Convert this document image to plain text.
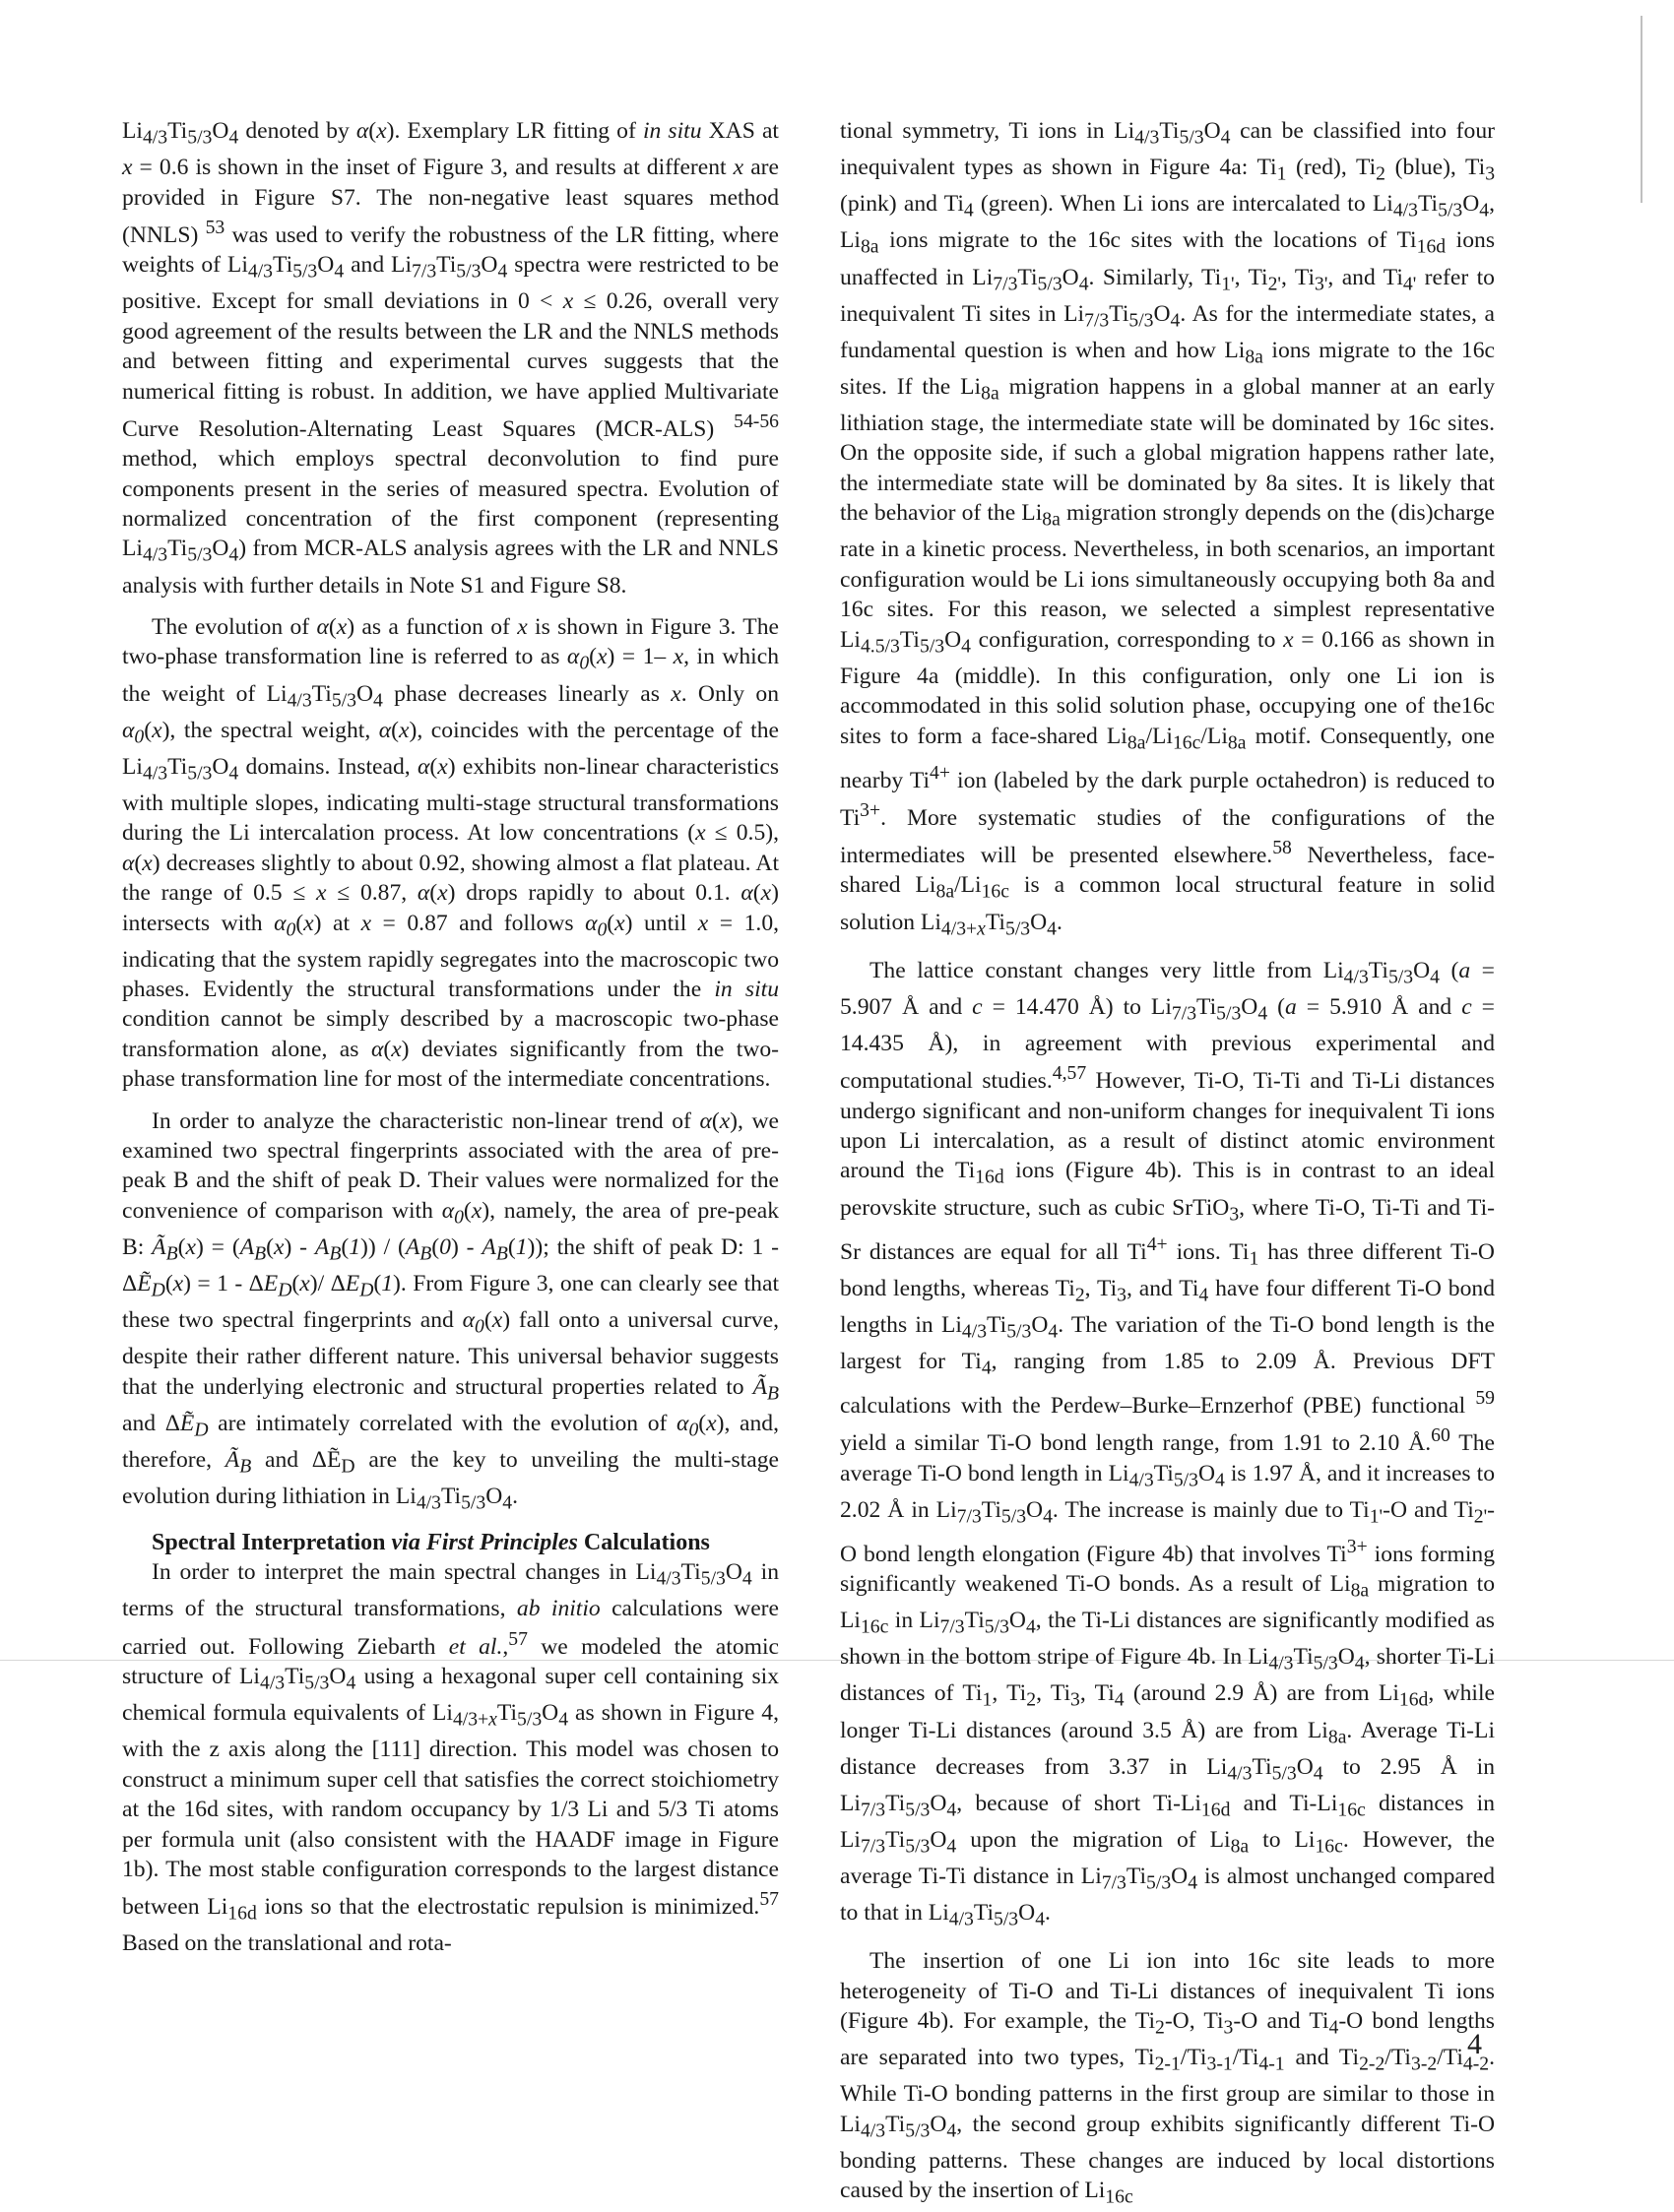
$Li_{4/3}Ti_{5/3}O_4$ denoted by α(x). Exemplary LR fitting of in situ XAS at x = 0.6 is shown in the inset of Figure 3, and results at different x are provided in Figure S7. The non-negative least squares method (NNLS) $^{53}$ was used to verify the robustness of the LR fitting, where weights of $Li_{4/3}Ti_{5/3}O_4$ and $Li_{7/3}Ti_{5/3}O_4$ spectra were restricted to be positive. Except for small deviations in 0 < x ≤ 0.26, overall very good agreement of the results between the LR and the NNLS methods and between fitting and experimental curves suggests that the numerical fitting is robust. In addition, we have applied Multivariate Curve Resolution-Alternating Least Squares (MCR-ALS) $^{54-56}$ method, which employs spectral deconvolution to find pure components present in the series of measured spectra. Evolution of normalized concentration of the first component (representing $Li_{4/3}Ti_{5/3}O_4$) from MCR-ALS analysis agrees with the LR and NNLS analysis with further details in Note S1 and Figure S8.

The evolution of α(x) as a function of x is shown in Figure 3. The two-phase transformation line is referred to as $\alpha_0(x) = 1-$ x, in which the weight of $Li_{4/3}Ti_{5/3}O_4$ phase decreases linearly as x. Only on $\alpha_0(x)$, the spectral weight, α(x), coincides with the percentage of the $Li_{4/3}Ti_{5/3}O_4$ domains. Instead, α(x) exhibits non-linear characteristics with multiple slopes, indicating multi-stage structural transformations during the Li intercalation process. At low concentrations (x ≤ 0.5), α(x) decreases slightly to about 0.92, showing almost a flat plateau. At the range of 0.5 ≤ x ≤ 0.87, α(x) drops rapidly to about 0.1. α(x) intersects with $\alpha_0(x)$ at x = 0.87 and follows $\alpha_0(x)$ until x = 1.0, indicating that the system rapidly segregates into the macroscopic two phases. Evidently the structural transformations under the in situ condition cannot be simply described by a macroscopic two-phase transformation alone, as α(x) deviates significantly from the two-phase transformation line for most of the intermediate concentrations.

In order to analyze the characteristic non-linear trend of α(x), we examined two spectral fingerprints associated with the area of pre-peak B and the shift of peak D. Their values were normalized for the convenience of comparison with $\alpha_0(x)$, namely, the area of pre-peak B: $Ã_B(x) = (A_B(x) - A_B(1)) / (A_B(0) - A_B(1))$; the shift of peak D: 1 - ΔẼ$_D$(x) = $1 - \Delta E_D(x)/$ $\Delta E_D(1)$. From Figure 3, one can clearly see that these two spectral fingerprints and $\alpha_0(x)$ fall onto a universal curve, despite their rather different nature. This universal behavior suggests that the underlying electronic and structural properties related to $Ã_B$ and ΔẼ$_D$ are intimately correlated with the evolution of $\alpha_0(x)$, and, therefore, $Ã_B$ and ΔẼ$_D$ are the key to unveiling the multi-stage evolution during lithiation in $Li_{4/3}Ti_{5/3}O_4$.

Spectral Interpretation via First Principles Calculations

In order to interpret the main spectral changes in $Li_{4/3}Ti_{5/3}O_4$ in terms of the structural transformations, ab initio calculations were carried out. Following Ziebarth et al.,$^{57}$ we modeled the atomic structure of $Li_{4/3}Ti_{5/3}O_4$ using a hexagonal super cell containing six chemical formula equivalents of $Li_{4/3+x}Ti_{5/3}O_4$ as shown in Figure 4, with the z axis along the [111] direction. This model was chosen to construct a minimum super cell that satisfies the correct stoichiometry at the 16d sites, with random occupancy by 1/3 Li and 5/3 Ti atoms per formula unit (also consistent with the HAADF image in Figure 1b). The most stable configuration corresponds to the largest distance between $Li_{16d}$ ions so that the electrostatic repulsion is minimized.$^{57}$ Based on the translational and rota-

tional symmetry, Ti ions in $Li_{4/3}Ti_{5/3}O_4$ can be classified into four inequivalent types as shown in Figure 4a: $Ti_1$ (red), $Ti_2$ (blue), $Ti_3$ (pink) and $Ti_4$ (green). When Li ions are intercalated to $Li_{4/3}Ti_{5/3}O_4$, $Li_{8a}$ ions migrate to the 16c sites with the locations of $Ti_{16d}$ ions unaffected in $Li_{7/3}Ti_{5/3}O_4$. Similarly, $Ti_{1'}$, $Ti_{2'}$, $Ti_{3'}$, and $Ti_{4'}$ refer to inequivalent Ti sites in $Li_{7/3}Ti_{5/3}O_4$. As for the intermediate states, a fundamental question is when and how $Li_{8a}$ ions migrate to the 16c sites. If the $Li_{8a}$ migration happens in a global manner at an early lithiation stage, the intermediate state will be dominated by 16c sites. On the opposite side, if such a global migration happens rather late, the intermediate state will be dominated by 8a sites. It is likely that the behavior of the $Li_{8a}$ migration strongly depends on the (dis)charge rate in a kinetic process. Nevertheless, in both scenarios, an important configuration would be Li ions simultaneously occupying both 8a and 16c sites. For this reason, we selected a simplest representative $Li_{4.5/3}Ti_{5/3}O_4$ configuration, corresponding to x = 0.166 as shown in Figure 4a (middle). In this configuration, only one Li ion is accommodated in this solid solution phase, occupying one of the16c sites to form a face-shared $Li_{8a}/Li_{16c}/Li_{8a}$ motif. Consequently, one nearby $Ti^{4+}$ ion (labeled by the dark purple octahedron) is reduced to $Ti^{3+}$. More systematic studies of the configurations of the intermediates will be presented elsewhere.$^{58}$ Nevertheless, face-shared $Li_{8a}/Li_{16c}$ is a common local structural feature in solid solution $Li_{4/3+x}Ti_{5/3}O_4$.

The lattice constant changes very little from $Li_{4/3}Ti_{5/3}O_4$ (a = 5.907 Å and c = 14.470 Å) to $Li_{7/3}Ti_{5/3}O_4$ (a = 5.910 Å and c = 14.435 Å), in agreement with previous experimental and computational studies.$^{4,57}$ However, Ti-O, Ti-Ti and Ti-Li distances undergo significant and non-uniform changes for inequivalent Ti ions upon Li intercalation, as a result of distinct atomic environment around the $Ti_{16d}$ ions (Figure 4b). This is in contrast to an ideal perovskite structure, such as cubic SrTiO$_3$, where Ti-O, Ti-Ti and Ti-Sr distances are equal for all $Ti^{4+}$ ions. $Ti_1$ has three different Ti-O bond lengths, whereas $Ti_2$, $Ti_3$, and $Ti_4$ have four different Ti-O bond lengths in $Li_{4/3}Ti_{5/3}O_4$. The variation of the Ti-O bond length is the largest for $Ti_4$, ranging from 1.85 to 2.09 Å. Previous DFT calculations with the Perdew–Burke–Ernzerhof (PBE) functional $^{59}$ yield a similar Ti-O bond length range, from 1.91 to 2.10 Å.$^{60}$ The average Ti-O bond length in $Li_{4/3}Ti_{5/3}O_4$ is 1.97 Å, and it increases to 2.02 Å in $Li_{7/3}Ti_{5/3}O_4$. The increase is mainly due to $Ti_{1'}-O$ and $Ti_{2'}-O$ bond length elongation (Figure 4b) that involves $Ti^{3+}$ ions forming significantly weakened Ti-O bonds. As a result of $Li_{8a}$ migration to $Li_{16c}$ in $Li_{7/3}Ti_{5/3}O_4$, the Ti-Li distances are significantly modified as shown in the bottom stripe of Figure 4b. In $Li_{4/3}Ti_{5/3}O_4$, shorter Ti-Li distances of $Ti_1$, $Ti_2$, $Ti_3$, $Ti_4$ (around 2.9 Å) are from $Li_{16d}$, while longer Ti-Li distances (around 3.5 Å) are from $Li_{8a}$. Average Ti-Li distance decreases from 3.37 in $Li_{4/3}Ti_{5/3}O_4$ to 2.95 Å in $Li_{7/3}Ti_{5/3}O_4$, because of short $Ti-Li_{16d}$ and $Ti-Li_{16c}$ distances in $Li_{7/3}Ti_{5/3}O_4$ upon the migration of $Li_{8a}$ to $Li_{16c}$. However, the average Ti-Ti distance in $Li_{7/3}Ti_{5/3}O_4$ is almost unchanged compared to that in $Li_{4/3}Ti_{5/3}O_4$.

The insertion of one Li ion into 16c site leads to more heterogeneity of Ti-O and Ti-Li distances of inequivalent Ti ions (Figure 4b). For example, the $Ti_2-O$, $Ti_3-O$ and $Ti_4-O$ bond lengths are separated into two types, $Ti_{2-1}/Ti_{3-1}/Ti_{4-1}$ and $Ti_{2-2}/Ti_{3-2}/Ti_{4-2}$. While Ti-O bonding patterns in the first group are similar to those in $Li_{4/3}Ti_{5/3}O_4$, the second group exhibits significantly different Ti-O bonding patterns. These changes are induced by local distortions caused by the insertion of $Li_{16c}$

4
